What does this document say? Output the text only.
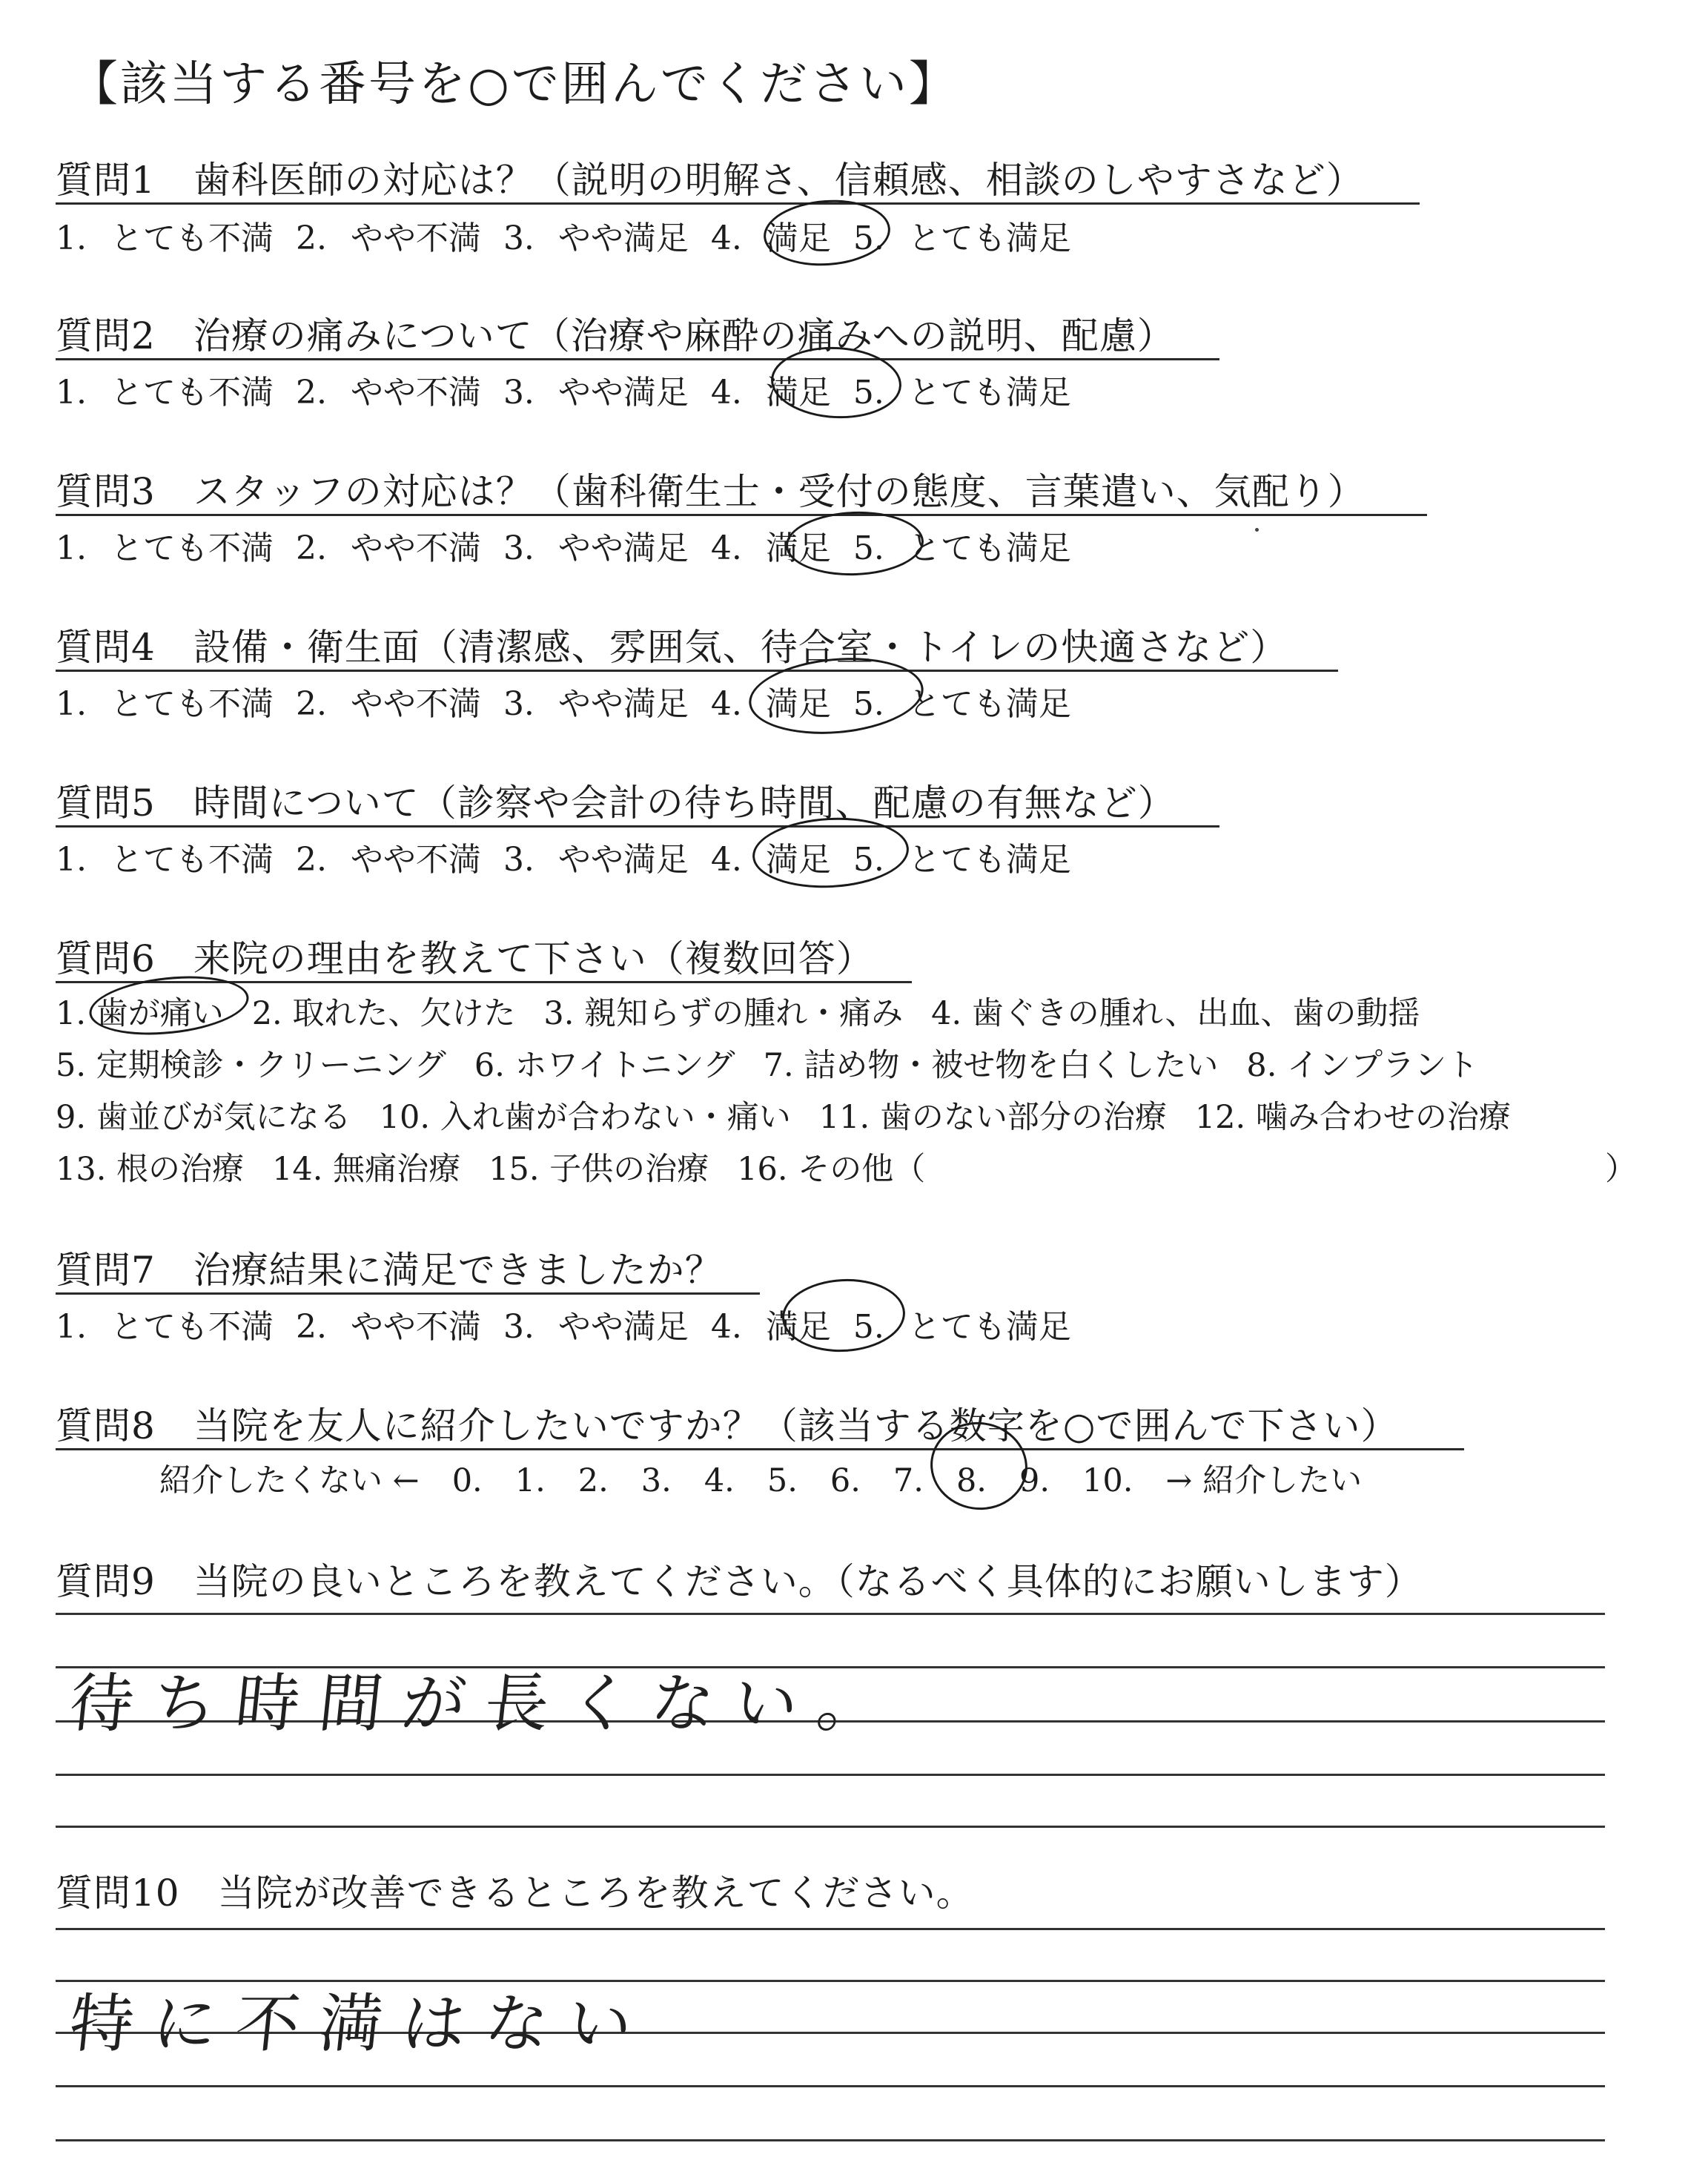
【該当する番号を○で囲んでください】
質問1　 歯科医師の対応は？（説明の明解さ、信頼感、相談のしやすさなど）
1. とても不満 2. やや不満 3. やや満足 4. 満足 5. とても満足
質問2　 治療の痛みについて（治療や麻酔の痛みへの説明、配慮）
1. とても不満 2. やや不満 3. やや満足 4. 満足 5. とても満足
質問3　 スタッフの対応は？（歯科衛生士・受付の態度、言葉遣い、気配り）
1. とても不満 2. やや不満 3. やや満足 4. 満足 5. とても満足
質問4　 設備・衛生面（清潔感、雰囲気、待合室・トイレの快適さなど）
1. とても不満 2. やや不満 3. やや満足 4. 満足 5. とても満足
質問5　 時間について（診察や会計の待ち時間、配慮の有無など）
1. とても不満 2. やや不満 3. やや満足 4. 満足 5. とても満足
質問6　 来院の理由を教えて下さい（複数回答）
1. 歯が痛い 2. 取れた、欠けた 3. 親知らずの腫れ・痛み 4. 歯ぐきの腫れ、出血、歯の動揺
5. 定期検診・クリーニング 6. ホワイトニング 7. 詰め物・被せ物を白くしたい 8. インプラント
9. 歯並びが気になる 10. 入れ歯が合わない・痛い 11. 歯のない部分の治療 12. 噛み合わせの治療
13. 根の治療 14. 無痛治療 15. 子供の治療 16. その他（	）
質問7　 治療結果に満足できましたか？
1. とても不満 2. やや不満 3. やや満足 4. 満足 5. とても満足
質問8　 当院を友人に紹介したいですか？（該当する数字を○で囲んで下さい）
紹介したくない ← 0. 1. 2. 3. 4. 5. 6. 7. 8. 9. 10. → 紹介したい
質問9　 当院の良いところを教えてください。（なるべく具体的にお願いします）
待ち時間が長くない。
質問10　 当院が改善できるところを教えてください。
特に不満はない
